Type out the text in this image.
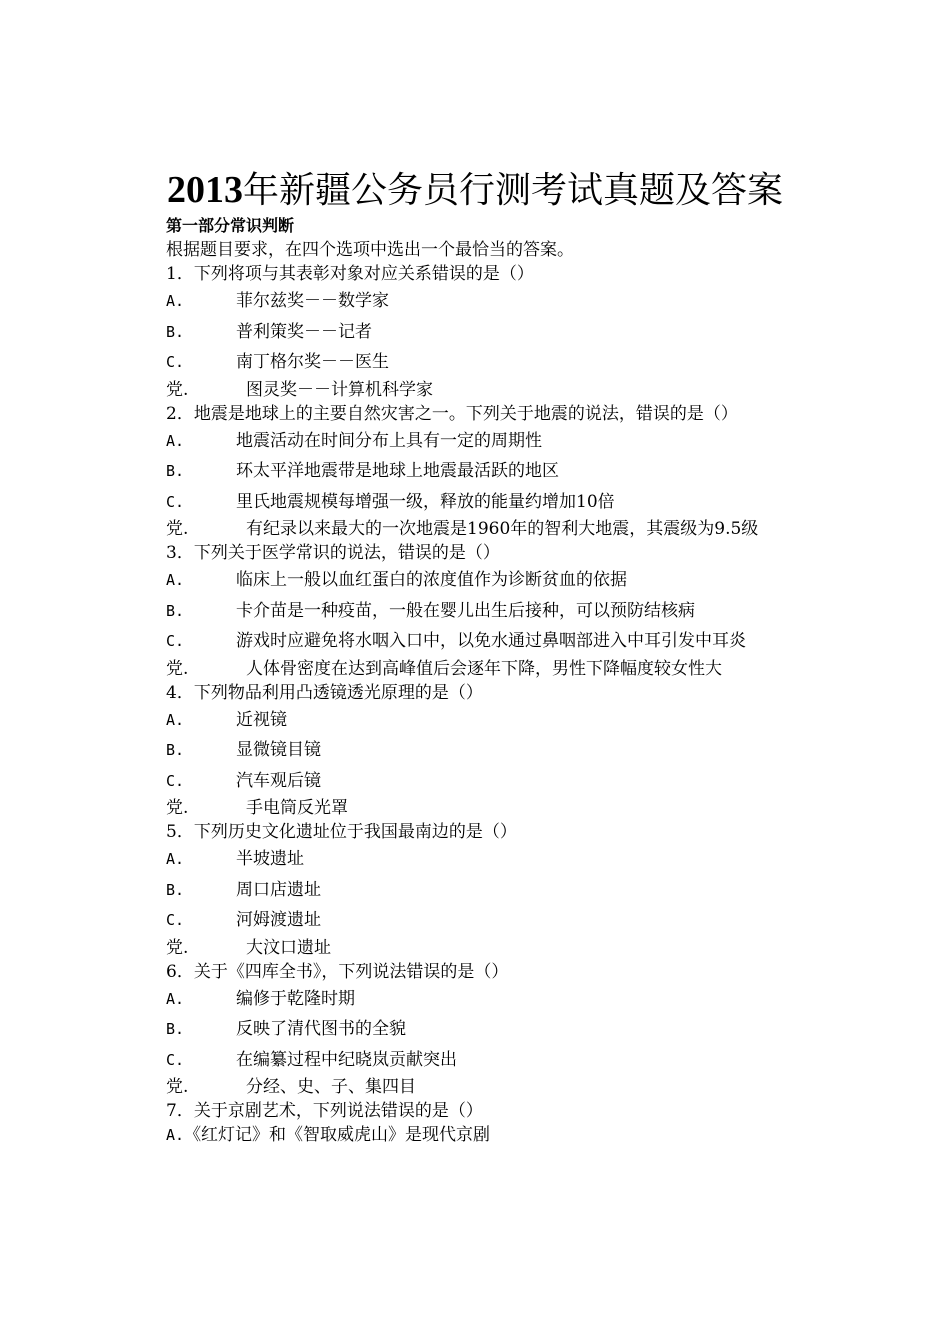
2013年新疆公务员行测考试真题及答案
第一部分常识判断
根据题目要求，在四个选项中选出一个最恰当的答案。
1．下列将项与其表彰对象对应关系错误的是（）
A.	菲尔兹奖－－数学家
B.	普利策奖－－记者
C.	南丁格尔奖－－医生
党.	图灵奖－－计算机科学家
2．地震是地球上的主要自然灾害之一。下列关于地震的说法，错误的是（）
A.	地震活动在时间分布上具有一定的周期性
B.	环太平洋地震带是地球上地震最活跃的地区
C.	里氏地震规模每增强一级，释放的能量约增加10倍
党.	有纪录以来最大的一次地震是1960年的智利大地震，其震级为9.5级
3．下列关于医学常识的说法，错误的是（）
A.	临床上一般以血红蛋白的浓度值作为诊断贫血的依据
B.	卡介苗是一种疫苗，一般在婴儿出生后接种，可以预防结核病
C.	游戏时应避免将水咽入口中，以免水通过鼻咽部进入中耳引发中耳炎
党.	人体骨密度在达到高峰值后会逐年下降，男性下降幅度较女性大
4．下列物品利用凸透镜透光原理的是（）
A.	近视镜
B.	显微镜目镜
C.	汽车观后镜
党.	手电筒反光罩
5．下列历史文化遗址位于我国最南边的是（）
A.	半坡遗址
B.	周口店遗址
C.	河姆渡遗址
党.	大汶口遗址
6．关于《四库全书》，下列说法错误的是（）
A.	编修于乾隆时期
B.	反映了清代图书的全貌
C.	在编纂过程中纪晓岚贡献突出
党.	分经、史、子、集四目
7．关于京剧艺术，下列说法错误的是（）
A. 《红灯记》和《智取威虎山》是现代京剧
